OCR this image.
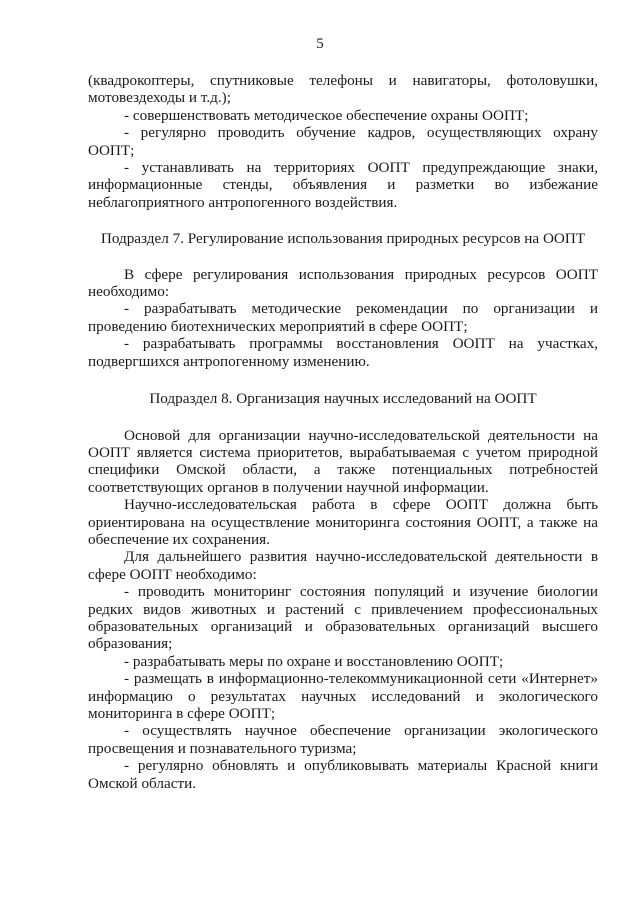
5

(квадрокоптеры, спутниковые телефоны и навигаторы, фотоловушки, мотовездеходы и т.д.);

- совершенствовать методическое обеспечение охраны ООПТ;

- регулярно проводить обучение кадров, осуществляющих охрану ООПТ;

- устанавливать на территориях ООПТ предупреждающие знаки, информационные стенды, объявления и разметки во избежание неблагоприятного антропогенного воздействия.

Подраздел 7. Регулирование использования природных ресурсов на ООПТ

В сфере регулирования использования природных ресурсов ООПТ необходимо:

- разрабатывать методические рекомендации по организации и проведению биотехнических мероприятий в сфере ООПТ;

- разрабатывать программы восстановления ООПТ на участках, подвергшихся антропогенному изменению.

Подраздел 8. Организация научных исследований на ООПТ

Основой для организации научно-исследовательской деятельности на ООПТ является система приоритетов, вырабатываемая с учетом природной специфики Омской области, а также потенциальных потребностей соответствующих органов в получении научной информации.

Научно-исследовательская работа в сфере ООПТ должна быть ориентирована на осуществление мониторинга состояния ООПТ, а также на обеспечение их сохранения.

Для дальнейшего развития научно-исследовательской деятельности в сфере ООПТ необходимо:

- проводить мониторинг состояния популяций и изучение биологии редких видов животных и растений с привлечением профессиональных образовательных организаций и образовательных организаций высшего образования;

- разрабатывать меры по охране и восстановлению ООПТ;

- размещать в информационно-телекоммуникационной сети «Интернет» информацию о результатах научных исследований и экологического мониторинга в сфере ООПТ;

- осуществлять научное обеспечение организации экологического просвещения и познавательного туризма;

- регулярно обновлять и опубликовывать материалы Красной книги Омской области.
